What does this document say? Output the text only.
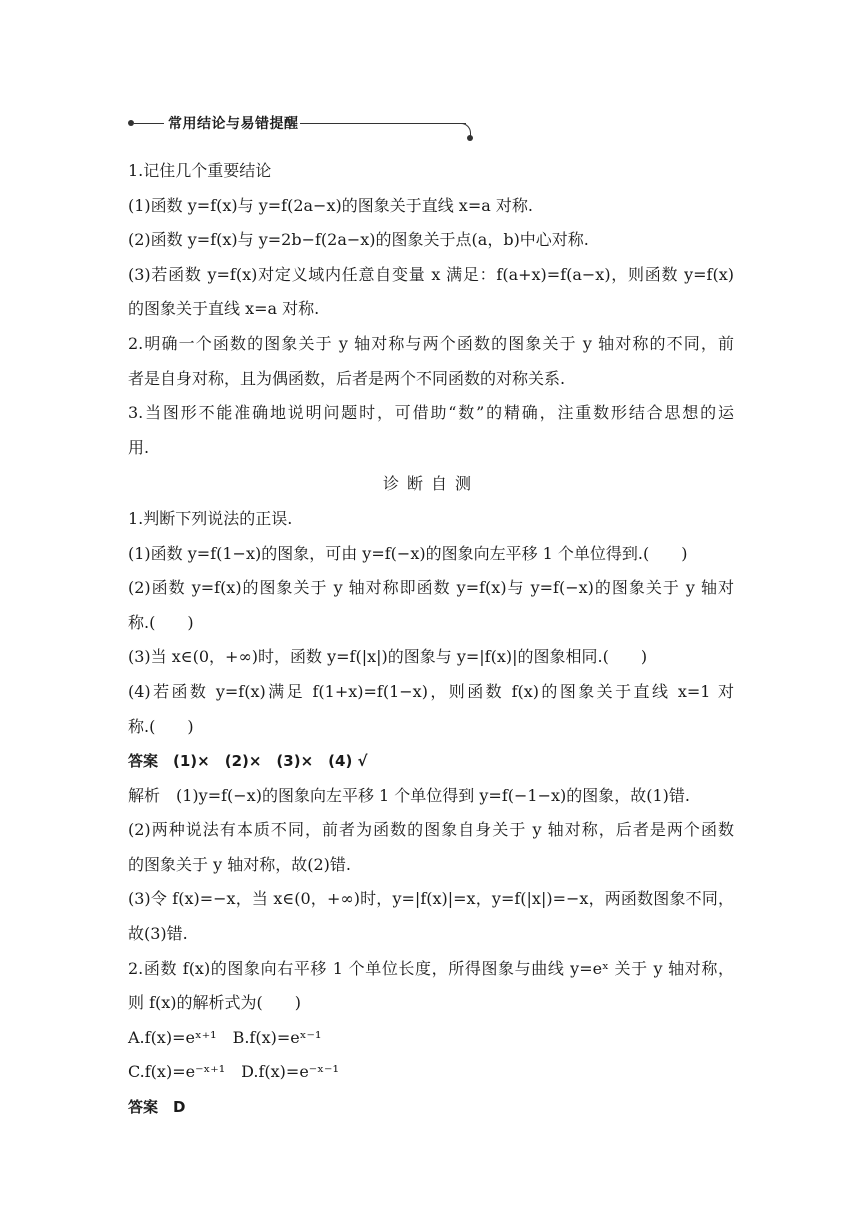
常用结论与易错提醒
1.记住几个重要结论
(1)函数 y=f(x)与 y=f(2a−x)的图象关于直线 x=a 对称.
(2)函数 y=f(x)与 y=2b−f(2a−x)的图象关于点(a，b)中心对称.
(3)若函数 y=f(x)对定义域内任意自变量 x 满足：f(a+x)=f(a−x)，则函数 y=f(x)
的图象关于直线 x=a 对称.
2.明确一个函数的图象关于 y 轴对称与两个函数的图象关于 y 轴对称的不同，前
者是自身对称，且为偶函数，后者是两个不同函数的对称关系.
3.当图形不能准确地说明问题时，可借助“数”的精确，注重数形结合思想的运
用.
诊断自测
1.判断下列说法的正误.
(1)函数 y=f(1−x)的图象，可由 y=f(−x)的图象向左平移 1 个单位得到.(　　)
(2)函数 y=f(x)的图象关于 y 轴对称即函数 y=f(x)与 y=f(−x)的图象关于 y 轴对
称.(　　)
(3)当 x∈(0，+∞)时，函数 y=f(|x|)的图象与 y=|f(x)|的图象相同.(　　)
(4)若函数 y=f(x)满足 f(1+x)=f(1−x)，则函数 f(x)的图象关于直线 x=1 对
称.(　　)
答案　(1)×　(2)×　(3)×　(4) √
解析　(1)y=f(−x)的图象向左平移 1 个单位得到 y=f(−1−x)的图象，故(1)错.
(2)两种说法有本质不同，前者为函数的图象自身关于 y 轴对称，后者是两个函数
的图象关于 y 轴对称，故(2)错.
(3)令 f(x)=−x，当 x∈(0，+∞)时，y=|f(x)|=x，y=f(|x|)=−x，两函数图象不同，
故(3)错.
2.函数 f(x)的图象向右平移 1 个单位长度，所得图象与曲线 y=eˣ 关于 y 轴对称，
则 f(x)的解析式为(　　)
A.f(x)=eˣ⁺¹　B.f(x)=eˣ⁻¹
C.f(x)=e⁻ˣ⁺¹　D.f(x)=e⁻ˣ⁻¹
答案　D
